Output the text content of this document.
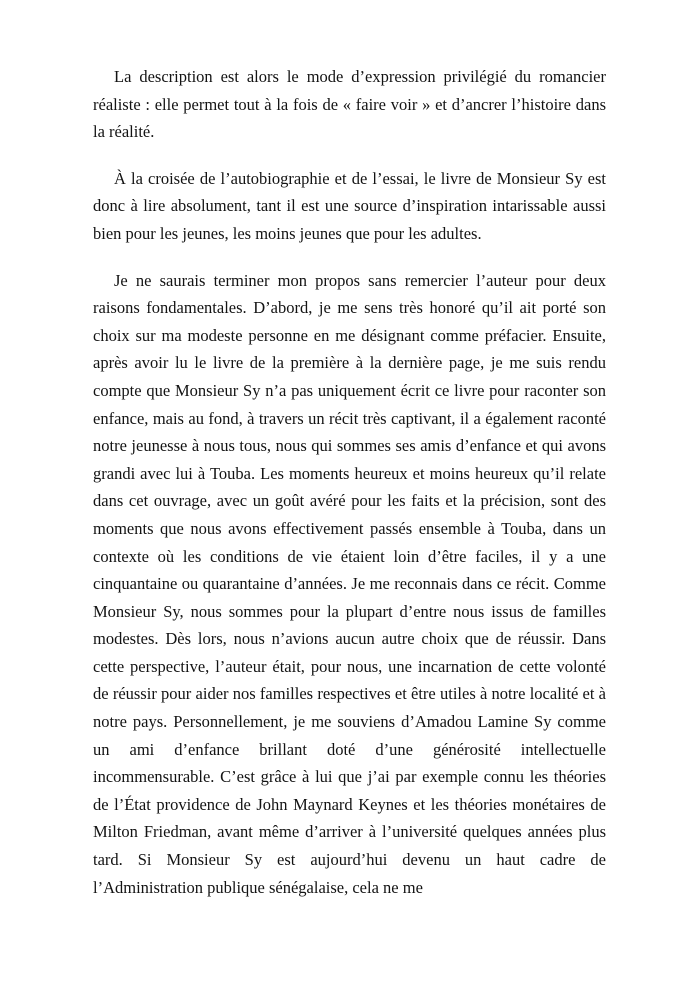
La description est alors le mode d’expression privilégié du romancier réaliste : elle permet tout à la fois de « faire voir » et d’ancrer l’histoire dans la réalité.

À la croisée de l’autobiographie et de l’essai, le livre de Monsieur Sy est donc à lire absolument, tant il est une source d’inspiration intarissable aussi bien pour les jeunes, les moins jeunes que pour les adultes.

Je ne saurais terminer mon propos sans remercier l’auteur pour deux raisons fondamentales. D’abord, je me sens très honoré qu’il ait porté son choix sur ma modeste personne en me désignant comme préfacier. Ensuite, après avoir lu le livre de la première à la dernière page, je me suis rendu compte que Monsieur Sy n’a pas uniquement écrit ce livre pour raconter son enfance, mais au fond, à travers un récit très captivant, il a également raconté notre jeunesse à nous tous, nous qui sommes ses amis d’enfance et qui avons grandi avec lui à Touba. Les moments heureux et moins heureux qu’il relate dans cet ouvrage, avec un goût avéré pour les faits et la précision, sont des moments que nous avons effectivement passés ensemble à Touba, dans un contexte où les conditions de vie étaient loin d’être faciles, il y a une cinquantaine ou quarantaine d’années. Je me reconnais dans ce récit. Comme Monsieur Sy, nous sommes pour la plupart d’entre nous issus de familles modestes. Dès lors, nous n’avions aucun autre choix que de réussir. Dans cette perspective, l’auteur était, pour nous, une incarnation de cette volonté de réussir pour aider nos familles respectives et être utiles à notre localité et à notre pays. Personnellement, je me souviens d’Amadou Lamine Sy comme un ami d’enfance brillant doté d’une générosité intellectuelle incommensurable. C’est grâce à lui que j’ai par exemple connu les théories de l’État providence de John Maynard Keynes et les théories monétaires de Milton Friedman, avant même d’arriver à l’université quelques années plus tard. Si Monsieur Sy est aujourd’hui devenu un haut cadre de l’Administration publique sénégalaise, cela ne me
